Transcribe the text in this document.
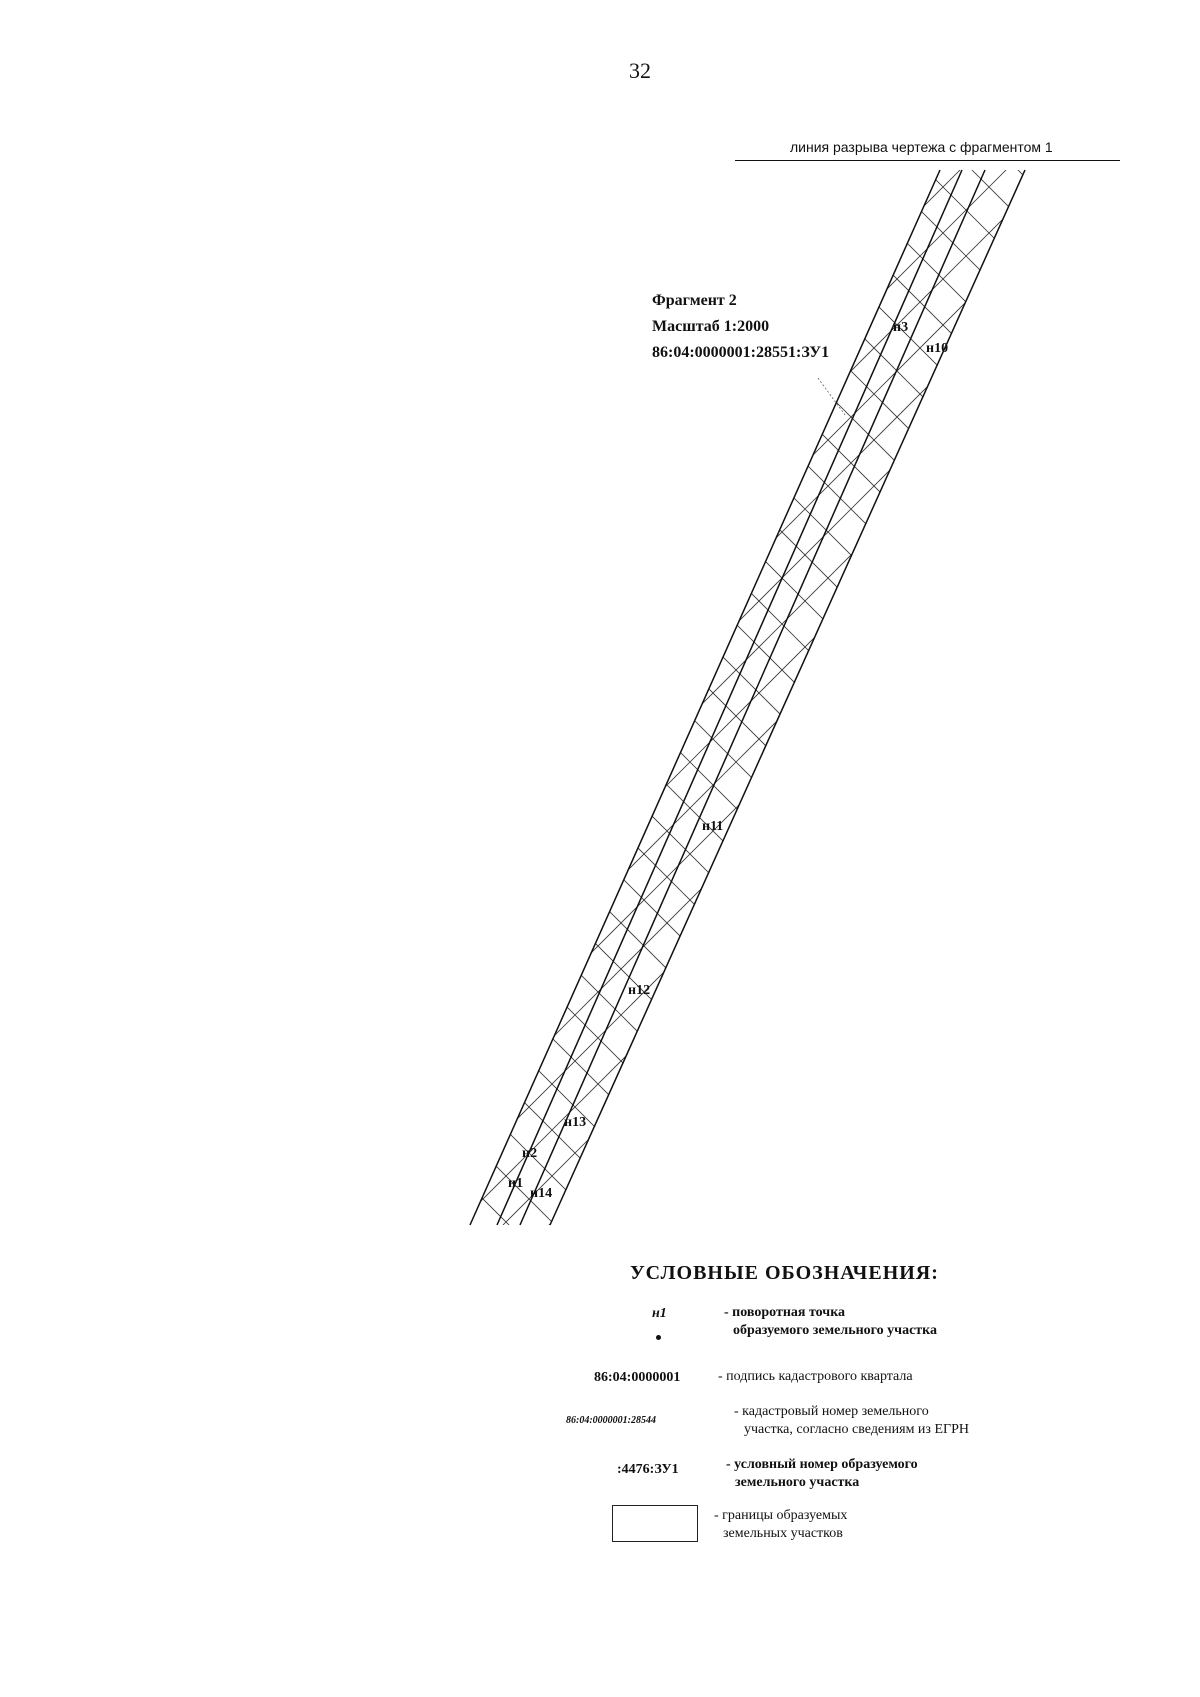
32
линия разрыва чертежа с фрагментом 1
н3
н10
н11
н12
н13
н2
н1
н14
Фрагмент 2
Масштаб 1:2000
86:04:0000001:28551:ЗУ1
УСЛОВНЫЕ ОБОЗНАЧЕНИЯ:
н1	- поворотная точка
образуемого земельного участка
86:04:0000001	- подпись кадастрового квартала
86:04:0000001:28544
- кадастровый номер земельного
участка, согласно сведениям из ЕГРН
:4476:ЗУ1	- условный номер образуемого
земельного участка
- границы образуемых
земельных участков
